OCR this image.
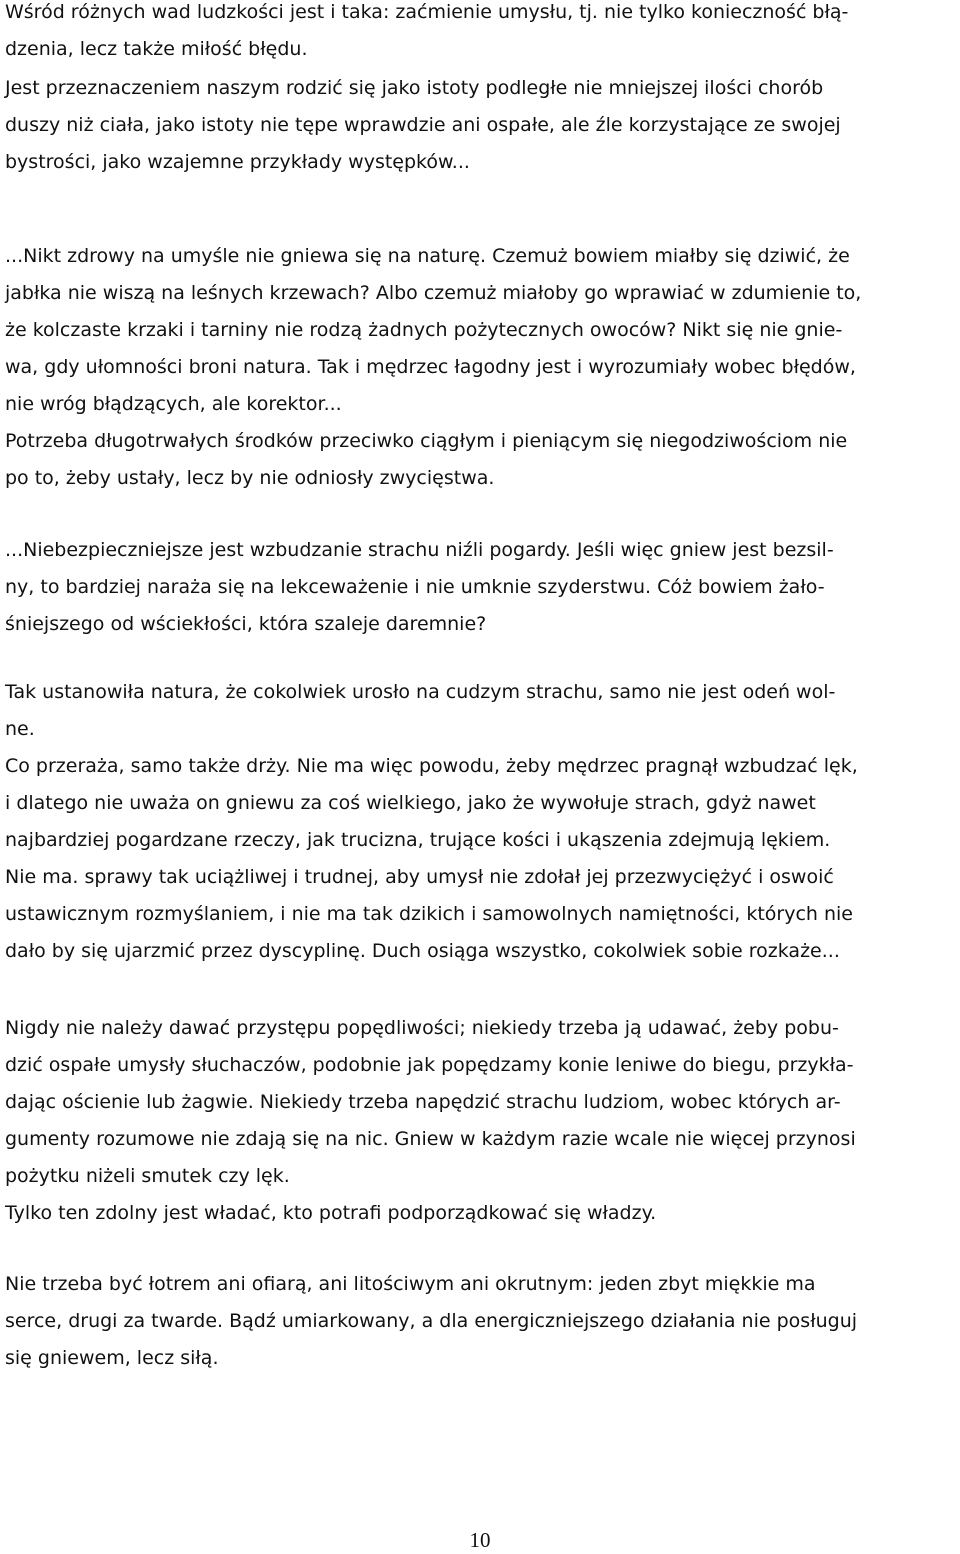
Wśród różnych wad ludzkości jest i taka: zaćmienie umysłu, tj. nie tylko konieczność błą-
dzenia, lecz także miłość błędu.

Jest przeznaczeniem naszym rodzić się jako istoty podległe nie mniejszej ilości chorób
duszy niż ciała, jako istoty nie tępe wprawdzie ani ospałe, ale źle korzystające ze swojej
bystrości, jako wzajemne przykłady występków...

...Nikt zdrowy na umyśle nie gniewa się na naturę. Czemuż bowiem miałby się dziwić, że
jabłka nie wiszą na leśnych krzewach? Albo czemuż miałoby go wprawiać w zdumienie to,
że kolczaste krzaki i tarniny nie rodzą żadnych pożytecznych owoców? Nikt się nie gnie-
wa, gdy ułomności broni natura. Tak i mędrzec łagodny jest i wyrozumiały wobec błędów,
nie wróg błądzących, ale korektor...
Potrzeba długotrwałych środków przeciwko ciągłym i pieniącym się niegodziwościom nie
po to, żeby ustały, lecz by nie odniosły zwycięstwa.

...Niebezpieczniejsze jest wzbudzanie strachu niźli pogardy. Jeśli więc gniew jest bezsil-
ny, to bardziej naraża się na lekceważenie i nie umknie szyderstwu. Cóż bowiem żało-
śniejszego od wściekłości, która szaleje daremnie?

Tak ustanowiła natura, że cokolwiek urosło na cudzym strachu, samo nie jest odeń wol-
ne.
Co przeraża, samo także drży. Nie ma więc powodu, żeby mędrzec pragnął wzbudzać lęk,
i dlatego nie uważa on gniewu za coś wielkiego, jako że wywołuje strach, gdyż nawet
najbardziej pogardzane rzeczy, jak trucizna, trujące kości i ukąszenia zdejmują lękiem.
Nie ma. sprawy tak uciążliwej i trudnej, aby umysł nie zdołał jej przezwyciężyć i oswoić
ustawicznym rozmyślaniem, i nie ma tak dzikich i samowolnych namiętności, których nie
dało by się ujarzmić przez dyscyplinę. Duch osiąga wszystko, cokolwiek sobie rozkaże...

Nigdy nie należy dawać przystępu popędliwości; niekiedy trzeba ją udawać, żeby pobu-
dzić ospałe umysły słuchaczów, podobnie jak popędzamy konie leniwe do biegu, przykła-
dając ościenie lub żagwie. Niekiedy trzeba napędzić strachu ludziom, wobec których ar-
gumenty rozumowe nie zdają się na nic. Gniew w każdym razie wcale nie więcej przynosi
pożytku niżeli smutek czy lęk.
Tylko ten zdolny jest władać, kto potrafi podporządkować się władzy.

Nie trzeba być łotrem ani ofiarą, ani litościwym ani okrutnym: jeden zbyt miękkie ma
serce, drugi za twarde. Bądź umiarkowany, a dla energiczniejszego działania nie posługuj
się gniewem, lecz siłą.

10
